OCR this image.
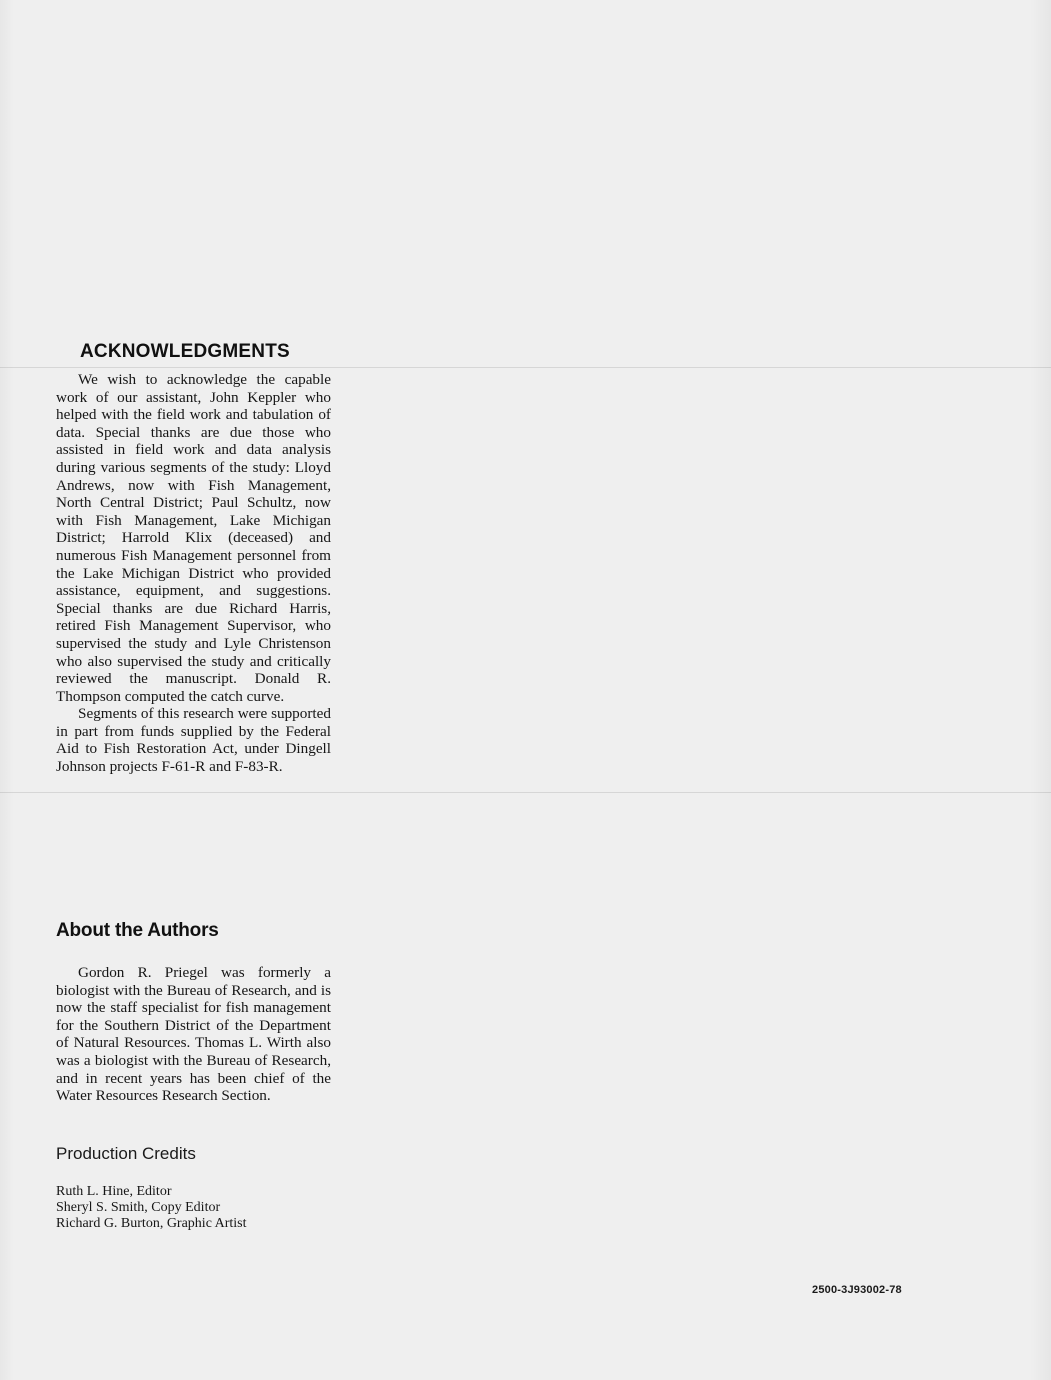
ACKNOWLEDGMENTS

We wish to acknowledge the capable work of our assistant, John Keppler who helped with the field work and tabulation of data. Special thanks are due those who assisted in field work and data analysis during various segments of the study: Lloyd Andrews, now with Fish Management, North Central District; Paul Schultz, now with Fish Management, Lake Michigan District; Harrold Klix (deceased) and numerous Fish Management personnel from the Lake Michigan District who provided assistance, equipment, and suggestions. Special thanks are due Richard Harris, retired Fish Management Supervisor, who supervised the study and Lyle Christenson who also supervised the study and critically reviewed the manuscript. Donald R. Thompson computed the catch curve.

Segments of this research were supported in part from funds supplied by the Federal Aid to Fish Restoration Act, under Dingell Johnson projects F-61-R and F-83-R.

About the Authors

Gordon R. Priegel was formerly a biologist with the Bureau of Research, and is now the staff specialist for fish management for the Southern District of the Department of Natural Resources. Thomas L. Wirth also was a biologist with the Bureau of Research, and in recent years has been chief of the Water Resources Research Section.

Production Credits
Ruth L. Hine, Editor
Sheryl S. Smith, Copy Editor
Richard G. Burton, Graphic Artist
2500-3J93002-78
